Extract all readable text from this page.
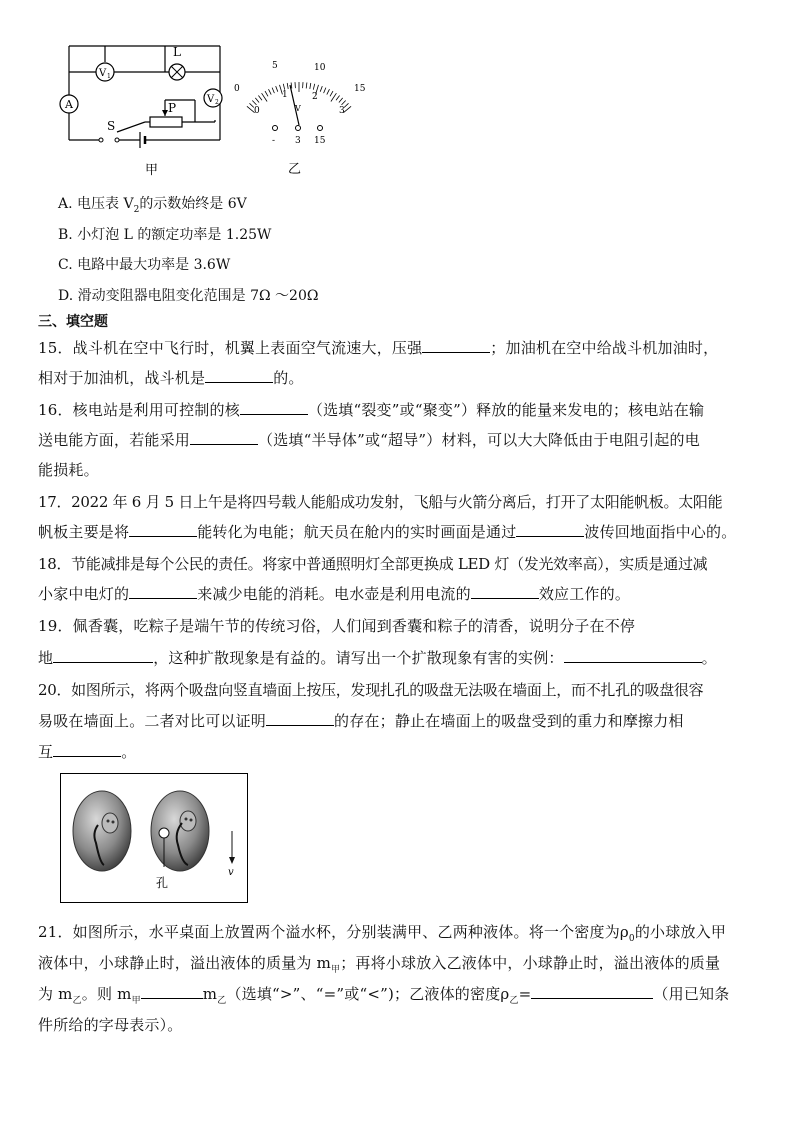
A
V 1
L
V 2
P
S
甲
0
5	10
15
0
1	2
3
V
- 3 15
乙
A. 电压表 $V_2$的示数始终是 6V
B. 小灯泡 L 的额定功率是 1.25W
C. 电路中最大功率是 3.6W
D. 滑动变阻器电阻变化范围是 7Ω ～20Ω
三、填空题
15．战斗机在空中飞行时，机翼上表面空气流速大，压强	；加油机在空中给战斗机加油时，
相对于加油机，战斗机是	的。
16．核电站是利用可控制的核	（选填“裂变”或“聚变”）释放的能量来发电的；核电站在输
送电能方面，若能采用	（选填“半导体”或“超导”）材料，可以大大降低由于电阻引起的电
能损耗。
17．2022 年 6 月 5 日上午是将四号载人能船成功发射，飞船与火箭分离后，打开了太阳能帆板。太阳能
帆板主要是将	能转化为电能；航天员在舱内的实时画面是通过	波传回地面指中心的。
18．节能减排是每个公民的责任。将家中普通照明灯全部更换成 LED 灯（发光效率高），实质是通过减
小家中电灯的	来减少电能的消耗。电水壶是利用电流的	效应工作的。
19．佩香囊，吃粽子是端午节的传统习俗，人们闻到香囊和粽子的清香，说明分子在不停
地	，这种扩散现象是有益的。请写出一个扩散现象有害的实例：	。
20．如图所示，将两个吸盘向竖直墙面上按压，发现扎孔的吸盘无法吸在墙面上，而不扎孔的吸盘很容
易吸在墙面上。二者对比可以证明	的存在；静止在墙面上的吸盘受到的重力和摩擦力相
互	。
孔
v
21．如图所示，水平桌面上放置两个溢水杯，分别装满甲、乙两种液体。将一个密度为$\rho_0$的小球放入甲
液体中，小球静止时，溢出液体的质量为 $m_甲$；再将小球放入乙液体中，小球静止时，溢出液体的质量
为 $m_乙$。则 $m_甲$	$m_乙$（选填“>”、“=”或“<”)；乙液体的密度$\rho_乙=$	（用已知条
件所给的字母表示）。
